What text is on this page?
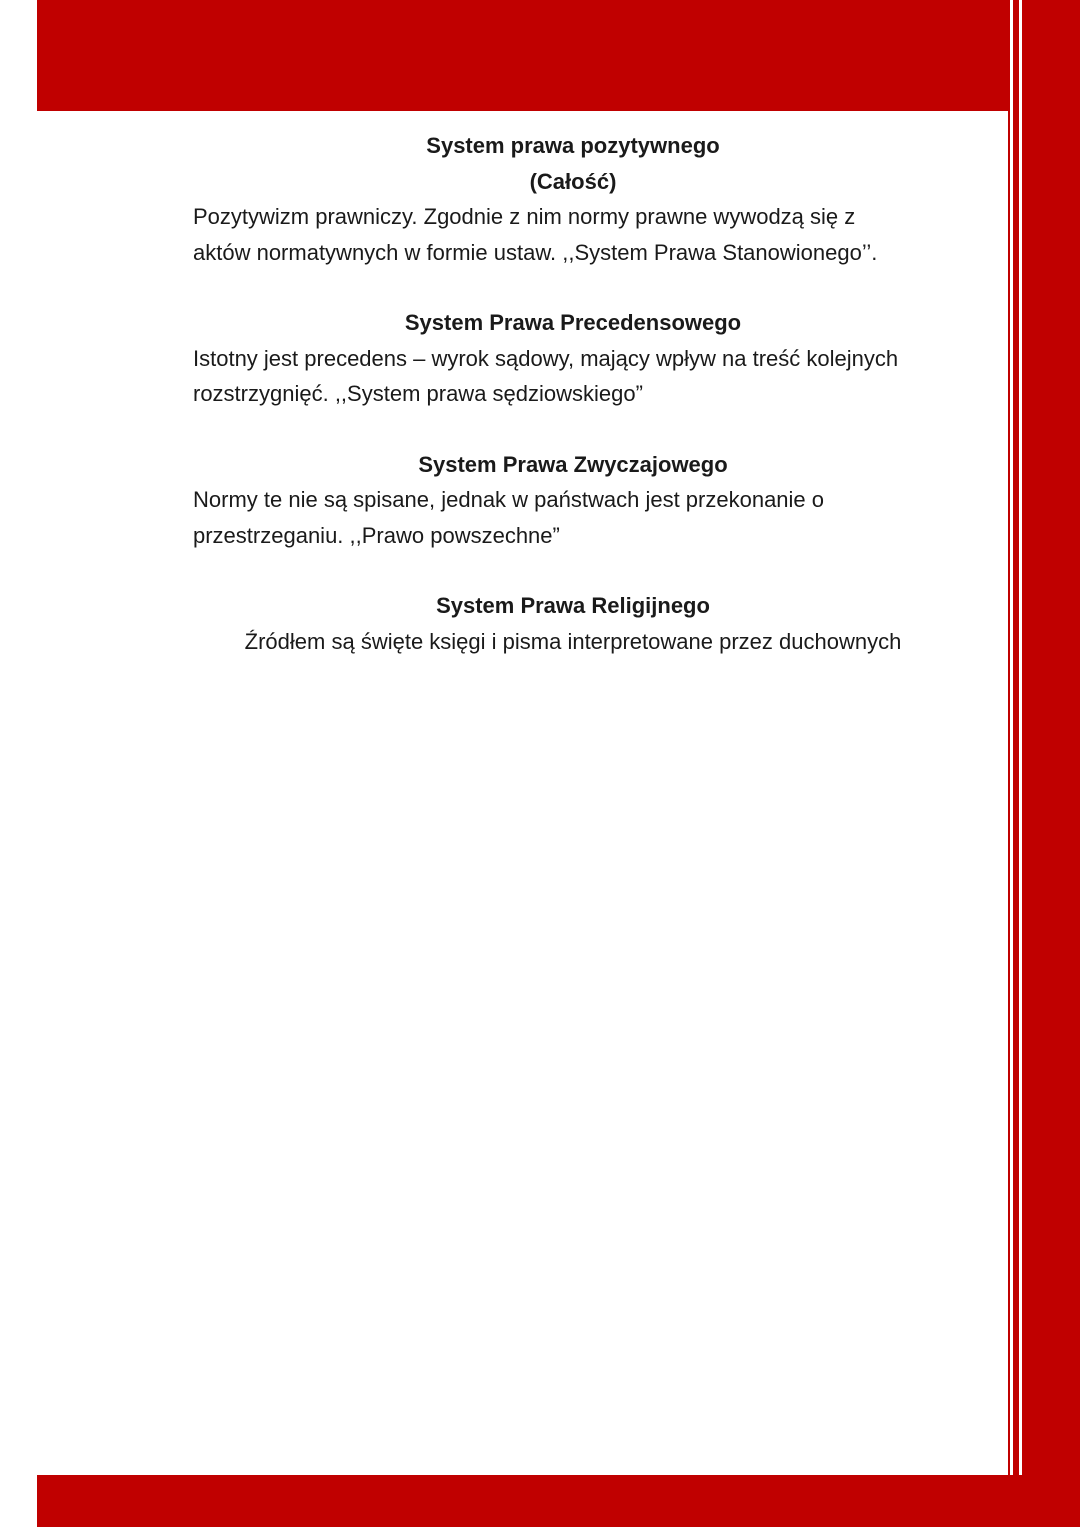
System prawa pozytywnego

(Całość)

Pozytywizm prawniczy. Zgodnie z nim normy prawne wywodzą się z

aktów normatywnych w formie ustaw. ,,System Prawa Stanowionego’’.

System Prawa Precedensowego

Istotny jest precedens – wyrok sądowy, mający wpływ na treść kolejnych

rozstrzygnięć. ,,System prawa sędziowskiego”

System Prawa Zwyczajowego

Normy te nie są spisane, jednak w państwach jest przekonanie o

przestrzeganiu. ,,Prawo powszechne”

System Prawa Religijnego

Źródłem są święte księgi i pisma interpretowane przez duchownych
